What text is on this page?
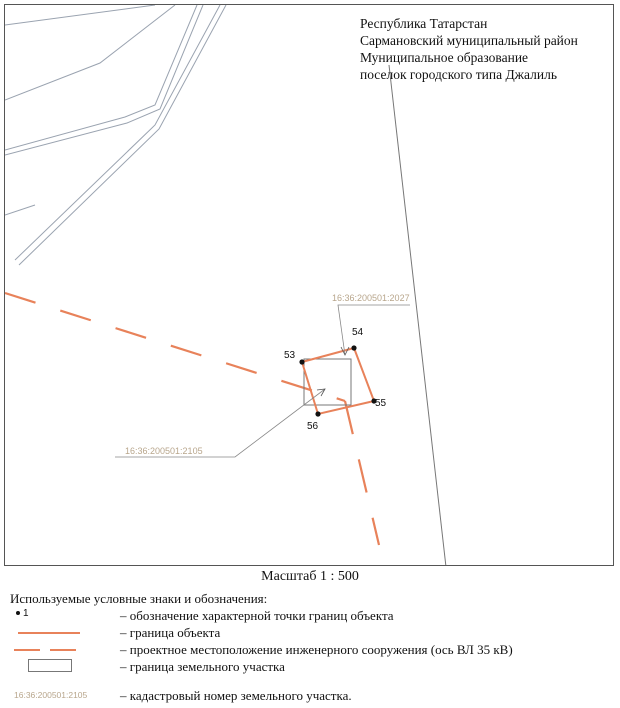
16:36:200501:2027
16:36:200501:2105
53
54
55
56
Республика Татарстан
Сармановский муниципальный район
Муниципальное образование
поселок городского типа Джалиль
Масштаб 1 : 500
Используемые условные знаки и обозначения:
1	– обозначение характерной точки границ объекта
– граница объекта
– проектное местоположение инженерного сооружения (ось ВЛ 35 кВ)
– граница земельного участка
16:36:200501:2105	– кадастровый номер земельного участка.
